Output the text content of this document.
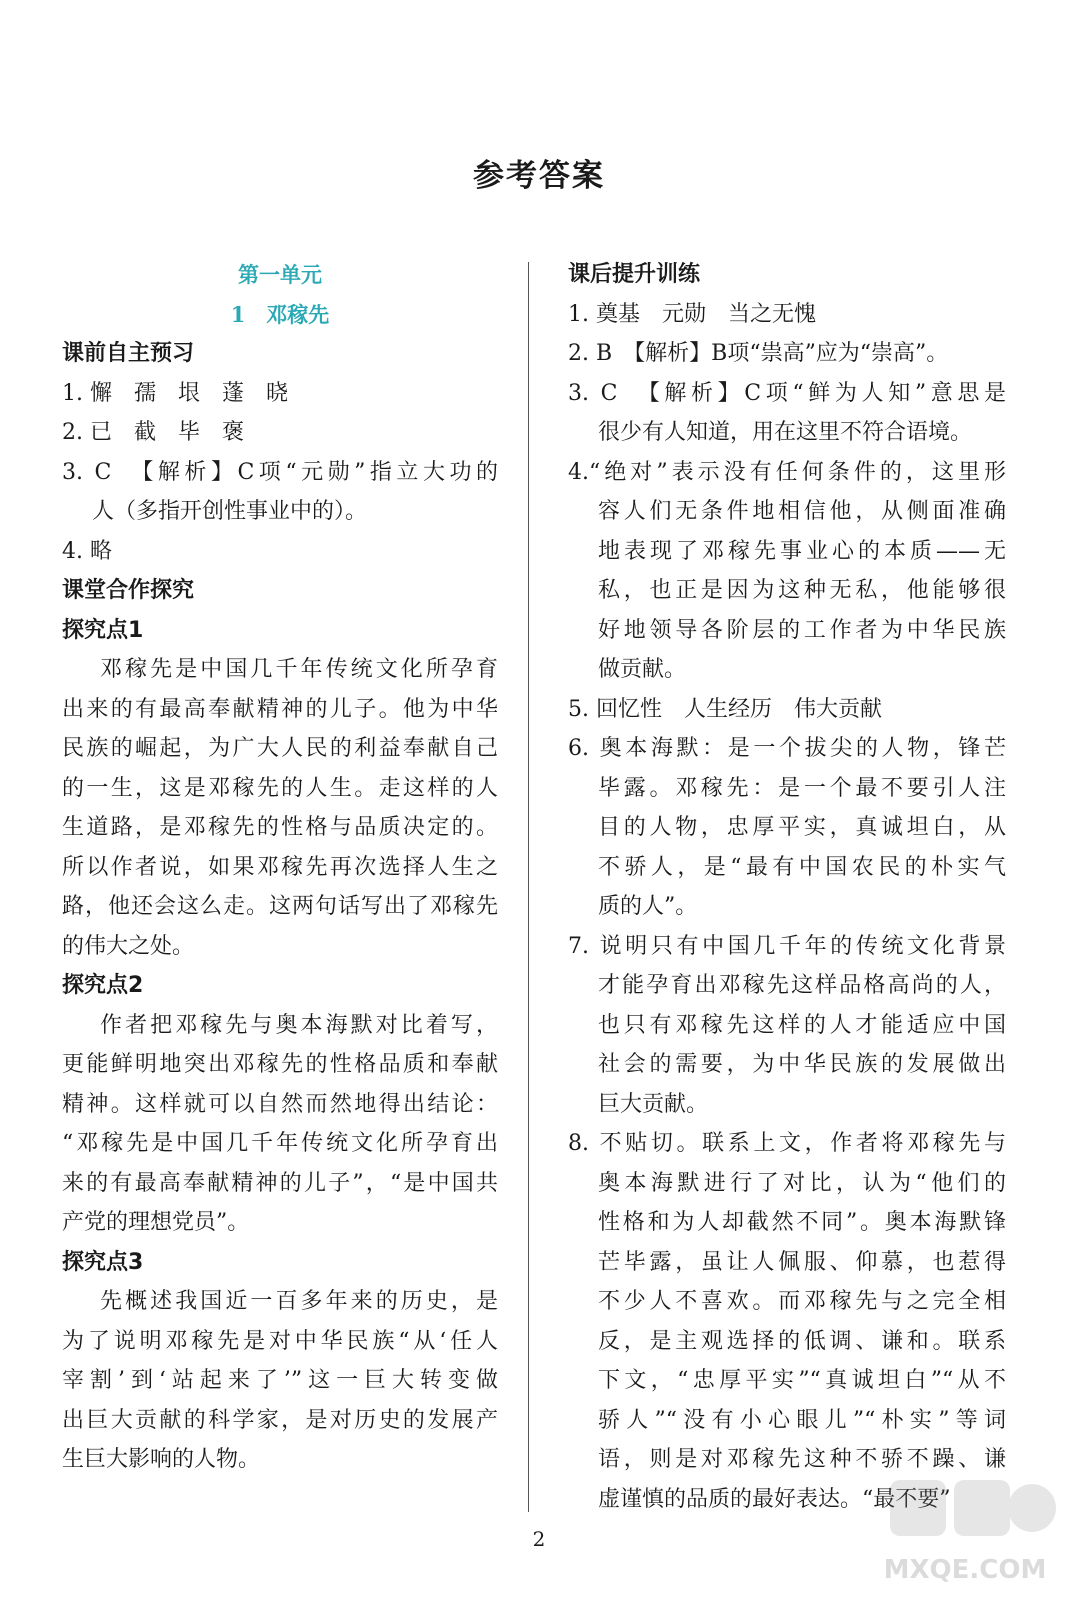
参考答案
第一单元
1　邓稼先
课前自主预习
1. 懈　孺　垠　蓬　晓
2. 已　截　毕　褒
3. C　【解析】C项“元勋”指立大功的
人（多指开创性事业中的）。
4. 略
课堂合作探究
探究点1
邓稼先是中国几千年传统文化所孕育
出来的有最高奉献精神的儿子。他为中华
民族的崛起，为广大人民的利益奉献自己
的一生，这是邓稼先的人生。走这样的人
生道路，是邓稼先的性格与品质决定的。
所以作者说，如果邓稼先再次选择人生之
路，他还会这么走。这两句话写出了邓稼先
的伟大之处。
探究点2
作者把邓稼先与奥本海默对比着写，
更能鲜明地突出邓稼先的性格品质和奉献
精神。这样就可以自然而然地得出结论：
“邓稼先是中国几千年传统文化所孕育出
来的有最高奉献精神的儿子”，“是中国共
产党的理想党员”。
探究点3
先概述我国近一百多年来的历史，是
为了说明邓稼先是对中华民族“从‘任人
宰割’到‘站起来了’”这一巨大转变做
出巨大贡献的科学家，是对历史的发展产
生巨大影响的人物。
课后提升训练
1. 奠基　元勋　当之无愧
2. B　【解析】B项“祟高”应为“崇高”。
3. C　【解析】C项“鲜为人知”意思是
很少有人知道，用在这里不符合语境。
4.“绝对”表示没有任何条件的，这里形
容人们无条件地相信他，从侧面准确
地表现了邓稼先事业心的本质——无
私，也正是因为这种无私，他能够很
好地领导各阶层的工作者为中华民族
做贡献。
5. 回忆性　人生经历　伟大贡献
6. 奥本海默：是一个拔尖的人物，锋芒
毕露。邓稼先：是一个最不要引人注
目的人物，忠厚平实，真诚坦白，从
不骄人，是“最有中国农民的朴实气
质的人”。
7. 说明只有中国几千年的传统文化背景
才能孕育出邓稼先这样品格高尚的人，
也只有邓稼先这样的人才能适应中国
社会的需要，为中华民族的发展做出
巨大贡献。
8. 不贴切。联系上文，作者将邓稼先与
奥本海默进行了对比，认为“他们的
性格和为人却截然不同”。奥本海默锋
芒毕露，虽让人佩服、仰慕，也惹得
不少人不喜欢。而邓稼先与之完全相
反，是主观选择的低调、谦和。联系
下文，“忠厚平实”“真诚坦白”“从不
骄人”“没有小心眼儿”“朴实”等词
语，则是对邓稼先这种不骄不躁、谦
虚谨慎的品质的最好表达。“最不要”
2
MXQE.COM
